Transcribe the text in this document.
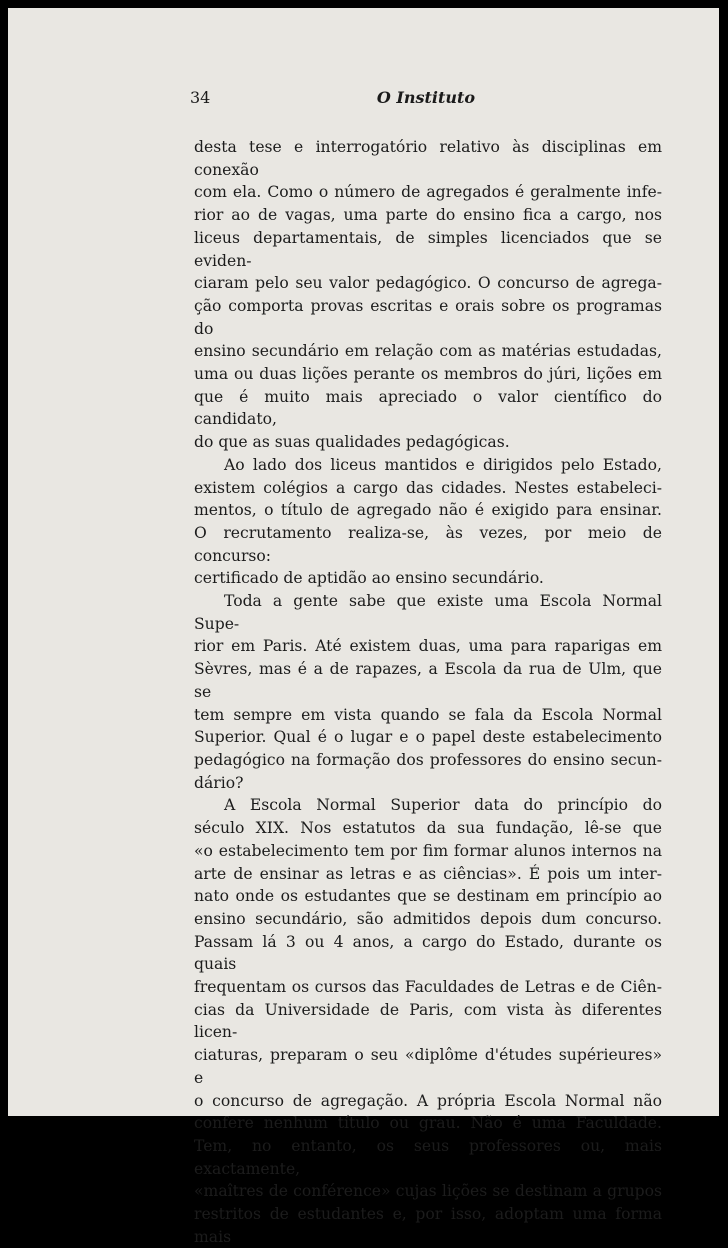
34	O Instituto

desta tese e interrogatório relativo às disciplinas em conexão
com ela. Como o número de agregados é geralmente infe-
rior ao de vagas, uma parte do ensino fica a cargo, nos
liceus departamentais, de simples licenciados que se eviden-
ciaram pelo seu valor pedagógico. O concurso de agrega-
ção comporta provas escritas e orais sobre os programas do
ensino secundário em relação com as matérias estudadas,
uma ou duas lições perante os membros do júri, lições em
que é muito mais apreciado o valor científico do candidato,
do que as suas qualidades pedagógicas.

Ao lado dos liceus mantidos e dirigidos pelo Estado,
existem colégios a cargo das cidades. Nestes estabeleci-
mentos, o título de agregado não é exigido para ensinar.
O recrutamento realiza-se, às vezes, por meio de concurso:
certificado de aptidão ao ensino secundário.

Toda a gente sabe que existe uma Escola Normal Supe-
rior em Paris. Até existem duas, uma para raparigas em
Sèvres, mas é a de rapazes, a Escola da rua de Ulm, que se
tem sempre em vista quando se fala da Escola Normal
Superior. Qual é o lugar e o papel deste estabelecimento
pedagógico na formação dos professores do ensino secun-
dário?

A Escola Normal Superior data do princípio do
século XIX. Nos estatutos da sua fundação, lê-se que
«o estabelecimento tem por fim formar alunos internos na
arte de ensinar as letras e as ciências». É pois um inter-
nato onde os estudantes que se destinam em princípio ao
ensino secundário, são admitidos depois dum concurso.
Passam lá 3 ou 4 anos, a cargo do Estado, durante os quais
frequentam os cursos das Faculdades de Letras e de Ciên-
cias da Universidade de Paris, com vista às diferentes licen-
ciaturas, preparam o seu «diplôme d'études supérieures» e
o concurso de agregação. A própria Escola Normal não
confere nenhum título ou grau. Não é uma Faculdade.
Tem, no entanto, os seus professores ou, mais exactamente,
«maîtres de conférence» cujas lições se destinam a grupos
restritos de estudantes e, por isso, adoptam uma forma mais
